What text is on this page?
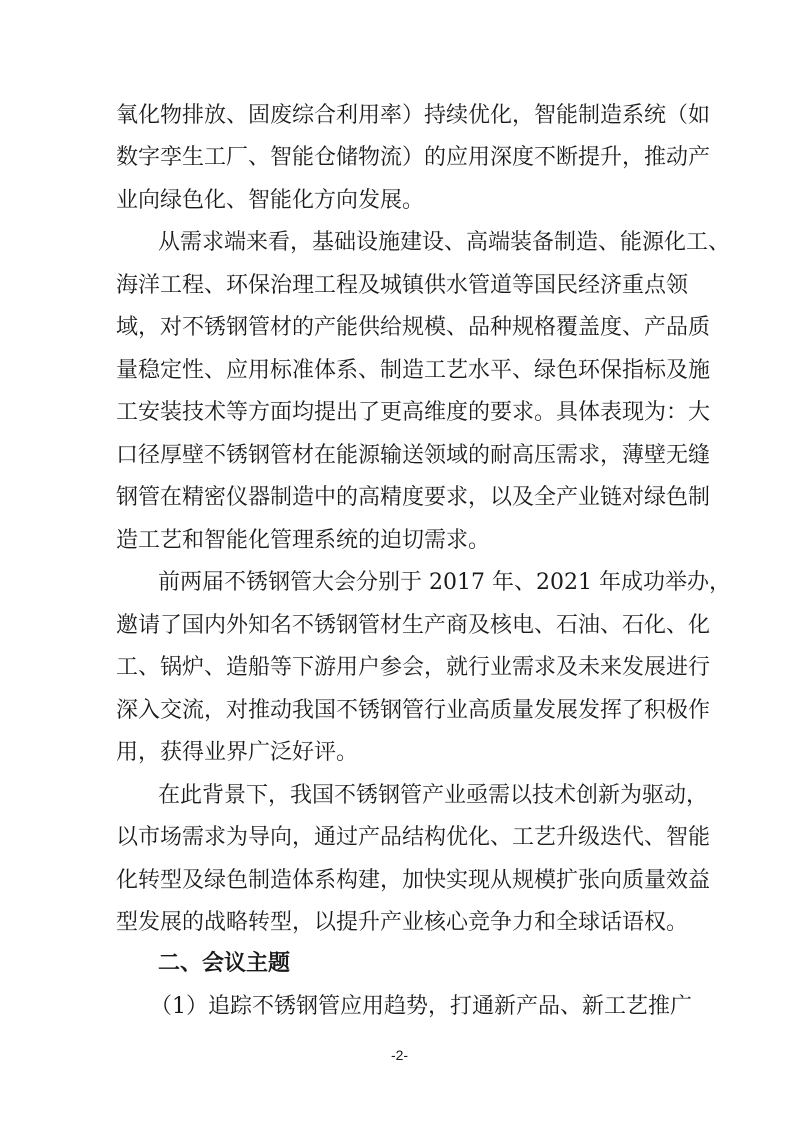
氧化物排放、固废综合利用率）持续优化，智能制造系统（如
数字孪生工厂、智能仓储物流）的应用深度不断提升，推动产
业向绿色化、智能化方向发展。
从需求端来看，基础设施建设、高端装备制造、能源化工、
海洋工程、环保治理工程及城镇供水管道等国民经济重点领
域，对不锈钢管材的产能供给规模、品种规格覆盖度、产品质
量稳定性、应用标准体系、制造工艺水平、绿色环保指标及施
工安装技术等方面均提出了更高维度的要求。具体表现为：大
口径厚壁不锈钢管材在能源输送领域的耐高压需求，薄壁无缝
钢管在精密仪器制造中的高精度要求，以及全产业链对绿色制
造工艺和智能化管理系统的迫切需求。
前两届不锈钢管大会分别于 2017 年、2021 年成功举办，
邀请了国内外知名不锈钢管材生产商及核电、石油、石化、化
工、锅炉、造船等下游用户参会，就行业需求及未来发展进行
深入交流，对推动我国不锈钢管行业高质量发展发挥了积极作
用，获得业界广泛好评。
在此背景下，我国不锈钢管产业亟需以技术创新为驱动，
以市场需求为导向，通过产品结构优化、工艺升级迭代、智能
化转型及绿色制造体系构建，加快实现从规模扩张向质量效益
型发展的战略转型，以提升产业核心竞争力和全球话语权。
二、会议主题
（1）追踪不锈钢管应用趋势，打通新产品、新工艺推广
-2-
